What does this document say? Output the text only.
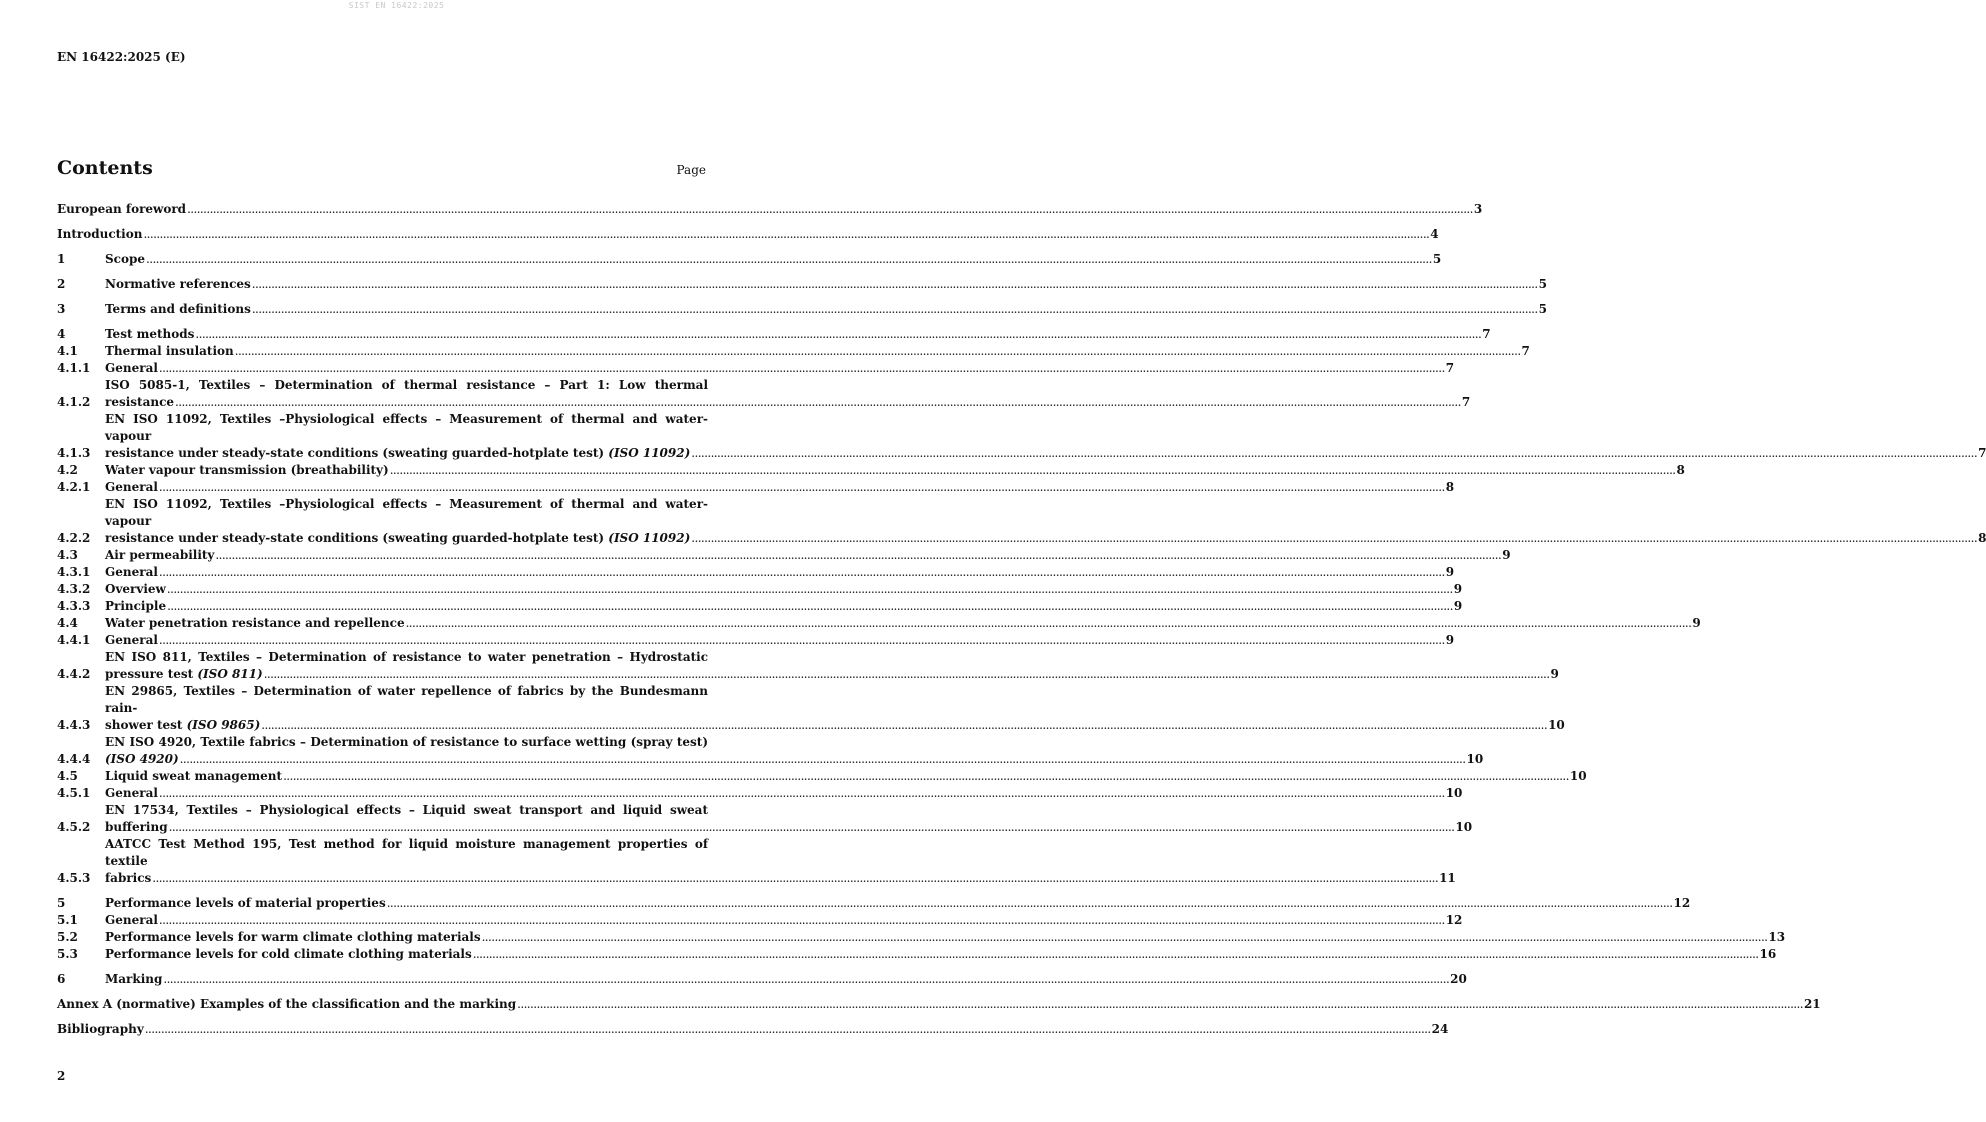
SIST EN 16422:2025
EN 16422:2025 (E)
Contents	Page
European foreword ................................................................................................................................................................................................................................................................................................................................................................................................................ 3
Introduction ................................................................................................................................................................................................................................................................................................................................................................................................................ 4
1	Scope ................................................................................................................................................................................................................................................................................................................................................................................................................ 5
2	Normative references ................................................................................................................................................................................................................................................................................................................................................................................................................ 5
3	Terms and definitions ................................................................................................................................................................................................................................................................................................................................................................................................................ 5
4	Test methods ................................................................................................................................................................................................................................................................................................................................................................................................................ 7
4.1	Thermal insulation ................................................................................................................................................................................................................................................................................................................................................................................................................ 7
4.1.1	General ................................................................................................................................................................................................................................................................................................................................................................................................................ 7
4.1.2
ISO 5085-1, Textiles – Determination of thermal resistance – Part 1: Low thermal
resistance ................................................................................................................................................................................................................................................................................................................................................................................................................ 7
4.1.3
EN ISO 11092, Textiles –Physiological effects – Measurement of thermal and water-vapour
resistance under steady-state conditions (sweating guarded-hotplate test) (ISO 11092) ................................................................................................................................................................................................................................................................................................................................................................................................................ 7
4.2	Water vapour transmission (breathability) ................................................................................................................................................................................................................................................................................................................................................................................................................ 8
4.2.1	General ................................................................................................................................................................................................................................................................................................................................................................................................................ 8
4.2.2
EN ISO 11092, Textiles –Physiological effects – Measurement of thermal and water-vapour
resistance under steady-state conditions (sweating guarded-hotplate test) (ISO 11092) ................................................................................................................................................................................................................................................................................................................................................................................................................ 8
4.3	Air permeability ................................................................................................................................................................................................................................................................................................................................................................................................................ 9
4.3.1	General ................................................................................................................................................................................................................................................................................................................................................................................................................ 9
4.3.2	Overview ................................................................................................................................................................................................................................................................................................................................................................................................................ 9
4.3.3	Principle ................................................................................................................................................................................................................................................................................................................................................................................................................ 9
4.4	Water penetration resistance and repellence ................................................................................................................................................................................................................................................................................................................................................................................................................ 9
4.4.1	General ................................................................................................................................................................................................................................................................................................................................................................................................................ 9
4.4.2
EN ISO 811, Textiles – Determination of resistance to water penetration – Hydrostatic
pressure test (ISO 811) ................................................................................................................................................................................................................................................................................................................................................................................................................ 9
4.4.3
EN 29865, Textiles – Determination of water repellence of fabrics by the Bundesmann rain-
shower test (ISO 9865) ................................................................................................................................................................................................................................................................................................................................................................................................................ 10
4.4.4
EN ISO 4920, Textile fabrics – Determination of resistance to surface wetting (spray test)
(ISO 4920) ................................................................................................................................................................................................................................................................................................................................................................................................................ 10
4.5	Liquid sweat management ................................................................................................................................................................................................................................................................................................................................................................................................................ 10
4.5.1	General ................................................................................................................................................................................................................................................................................................................................................................................................................ 10
4.5.2
EN 17534, Textiles – Physiological effects – Liquid sweat transport and liquid sweat
buffering ................................................................................................................................................................................................................................................................................................................................................................................................................ 10
4.5.3
AATCC Test Method 195, Test method for liquid moisture management properties of textile
fabrics ................................................................................................................................................................................................................................................................................................................................................................................................................ 11
5	Performance levels of material properties ................................................................................................................................................................................................................................................................................................................................................................................................................ 12
5.1	General ................................................................................................................................................................................................................................................................................................................................................................................................................ 12
5.2	Performance levels for warm climate clothing materials ................................................................................................................................................................................................................................................................................................................................................................................................................ 13
5.3	Performance levels for cold climate clothing materials ................................................................................................................................................................................................................................................................................................................................................................................................................ 16
6	Marking ................................................................................................................................................................................................................................................................................................................................................................................................................ 20
Annex A (normative) Examples of the classification and the marking ................................................................................................................................................................................................................................................................................................................................................................................................................ 21
Bibliography ................................................................................................................................................................................................................................................................................................................................................................................................................ 24
2
